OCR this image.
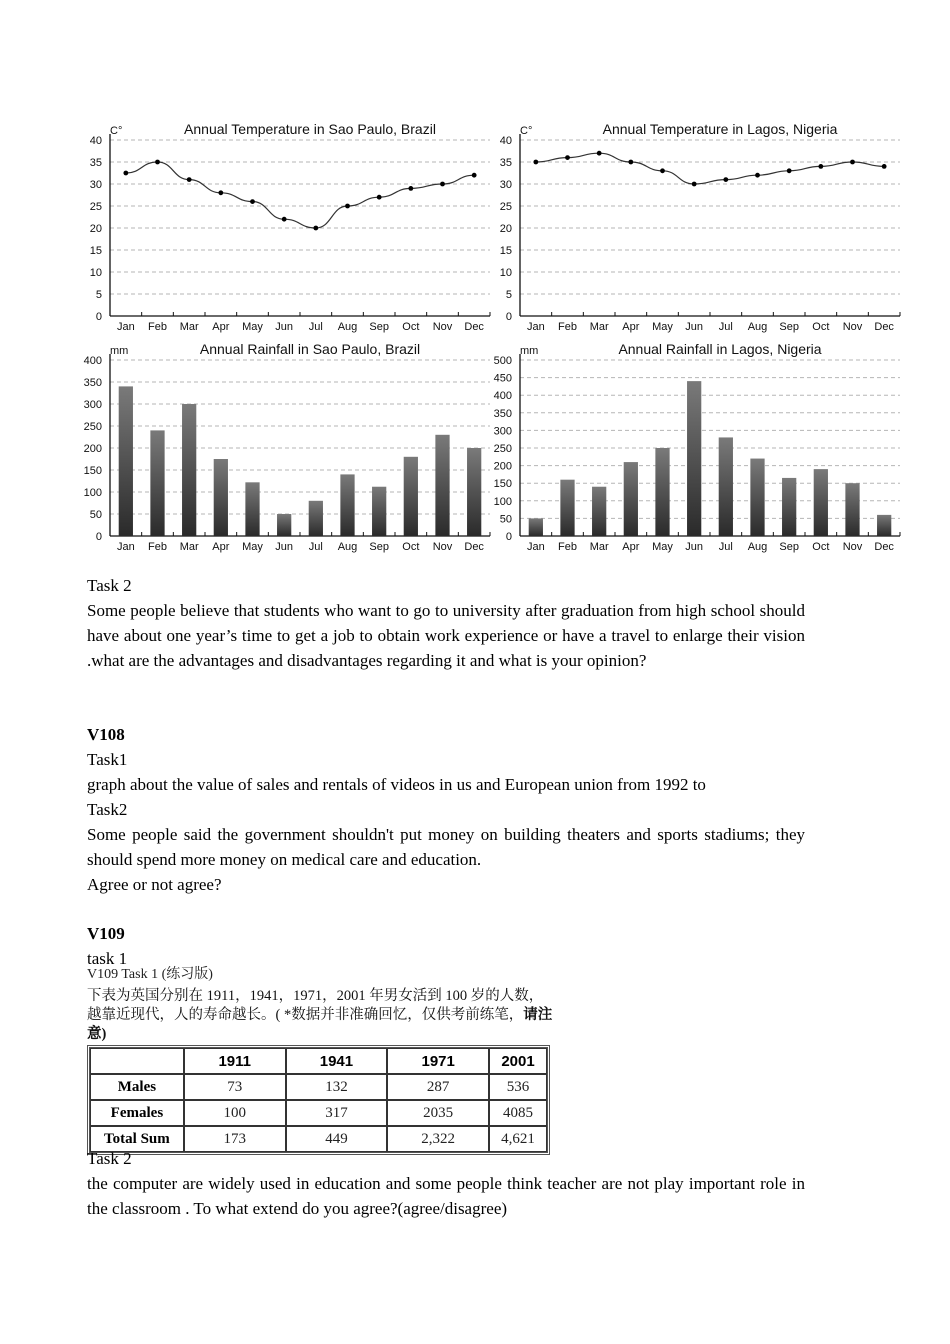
0
5
10
15
20
25
30
35
40
C°	Annual Temperature in Sao Paulo, Brazil
Jan Feb Mar Apr May Jun Jul Aug Sep Oct Nov Dec
0
5
10
15
20
25
30
35
40
C°	Annual Temperature in Lagos, Nigeria
Jan Feb Mar Apr May Jun Jul Aug Sep Oct Nov Dec
0
50
100
150
200
250
300
350
400
mm	Annual Rainfall in Sao Paulo, Brazil
Jan Feb Mar Apr May Jun Jul Aug Sep Oct Nov Dec
0
50
100
150
200
250
300
350
400
450
500
mm	Annual Rainfall in Lagos, Nigeria
Jan Feb Mar Apr May Jun Jul Aug Sep Oct Nov Dec
Task 2
Some people believe that students who want to go to university after graduation from high school should have about one year’s time to get a job to obtain work experience or have a travel to enlarge their vision .what are the advantages and disadvantages regarding it and what is your opinion?
V108
Task1
graph about the value of sales and rentals of videos in us and European union from 1992 to
Task2
Some people said the government shouldn't put money on building theaters and sports stadiums; they should spend more money on medical care and education.
Agree or not agree?
V109
task 1
V109 Task 1 (练习版)
下表为英国分别在 1911，1941，1971，2001 年男女活到 100 岁的人数，越靠近现代，人的寿命越长。( *数据并非准确回忆，仅供考前练笔，请注意)
	1911	1941	1971	2001
Males	73	132	287	536
Females	100	317	2035	4085
Total Sum	173	449	2,322	4,621
Task 2
the computer are widely used in education and some people think teacher are not play important role in the classroom . To what extend do you agree?(agree/disagree)
